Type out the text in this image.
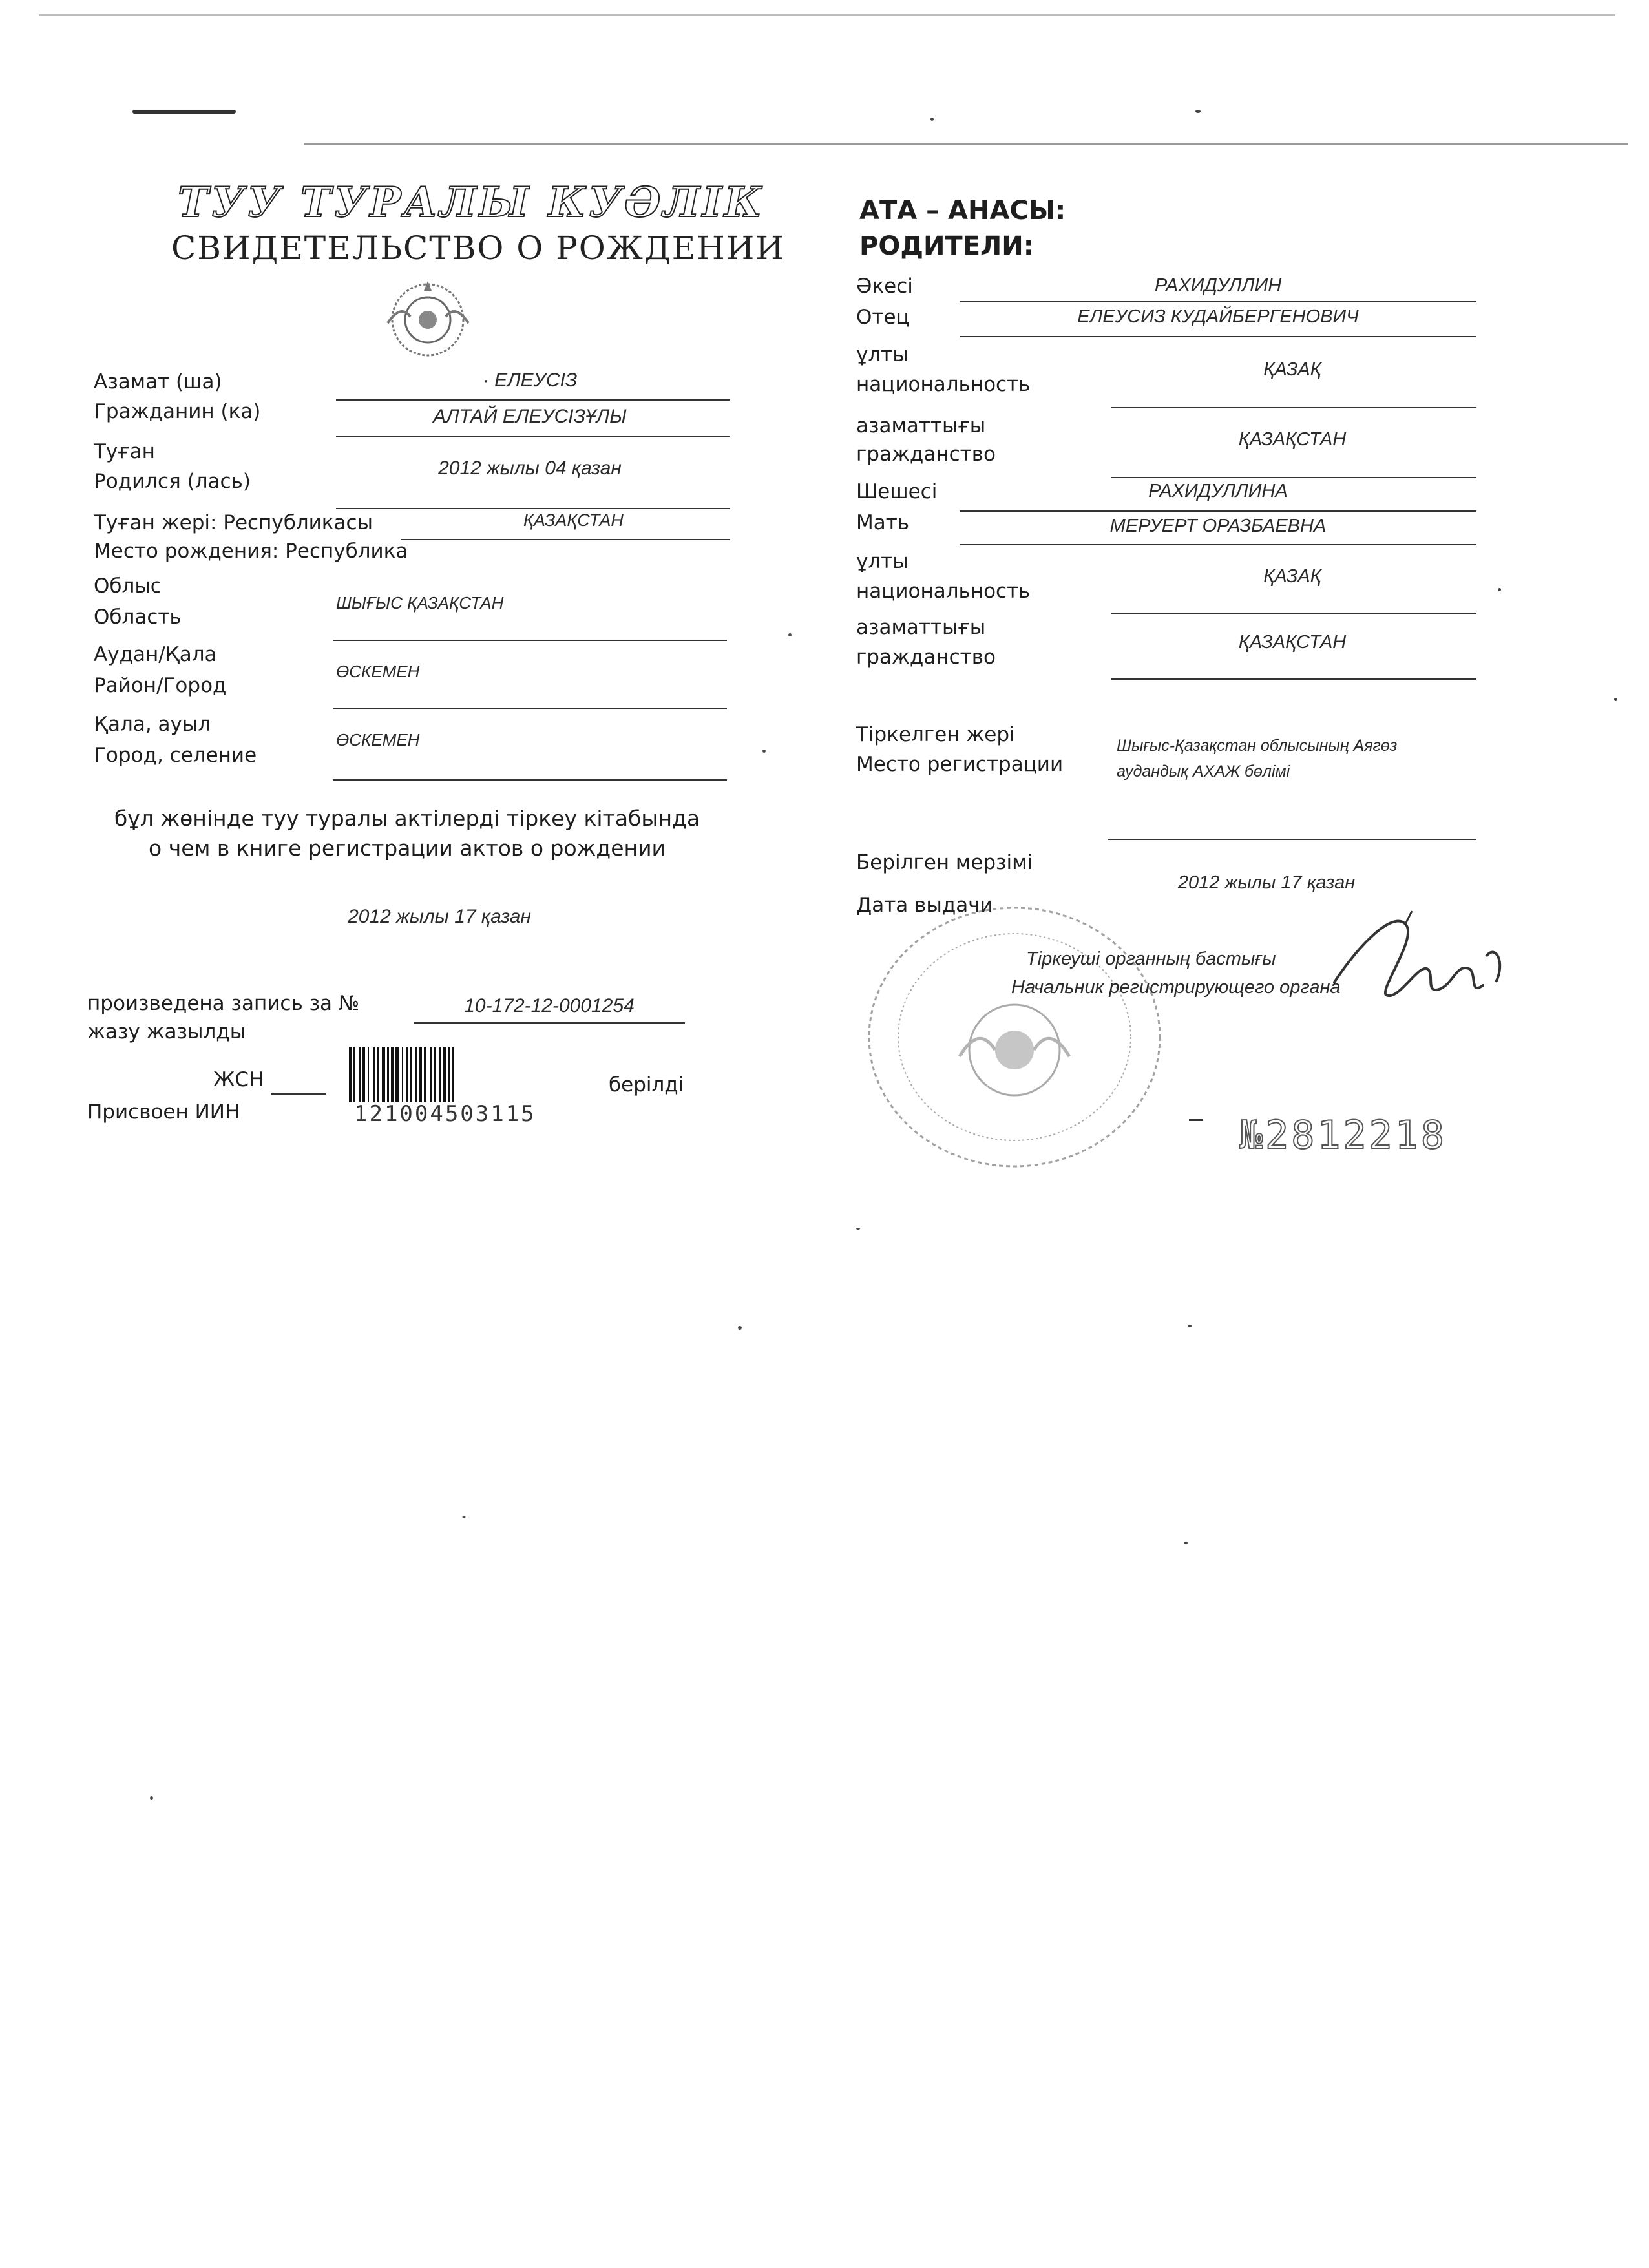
ТУУ ТУРАЛЫ КУӘЛІК
СВИДЕТЕЛЬСТВО О РОЖДЕНИИ
Азамат (ша)
Гражданин (ка)
· ЕЛЕУСІЗ
АЛТАЙ ЕЛЕУСІЗҰЛЫ
Туған
Родился (лась)
2012 жылы 04 қазан
Туған жері: Республикасы
Место рождения: Республика
ҚАЗАҚСТАН
Облыс
Область
ШЫҒЫС ҚАЗАҚСТАН
Аудан/Қала
Район/Город
ӨСКЕМЕН
Қала, ауыл
Город, селение
ӨСКЕМЕН
бұл жөнінде туу туралы актілерді тіркеу кітабында
о чем в книге регистрации актов о рождении
2012 жылы 17 қазан
произведена запись за №
жазу жазылды
10-172-12-0001254
ЖСН
Присвоен ИИН	121004503115
берілді
АТА – АНАСЫ:
РОДИТЕЛИ:
Әкесі
Отец
РАХИДУЛЛИН
ЕЛЕУСИЗ КУДАЙБЕРГЕНОВИЧ
ұлты
национальность
ҚАЗАҚ
азаматтығы
гражданство
ҚАЗАҚСТАН
Шешесі
Мать
РАХИДУЛЛИНА
МЕРУЕРТ ОРАЗБАЕВНА
ұлты
национальность
ҚАЗАҚ
азаматтығы
гражданство
ҚАЗАҚСТАН
Тіркелген жері
Место регистрации
Шығыс-Қазақстан облысының Аягөз
аудандық АХАЖ бөлімі
Берілген мерзімі
Дата выдачи
2012 жылы 17 қазан
Тіркеуші органның бастығы
Начальник регистрирующего органа
№2812218
